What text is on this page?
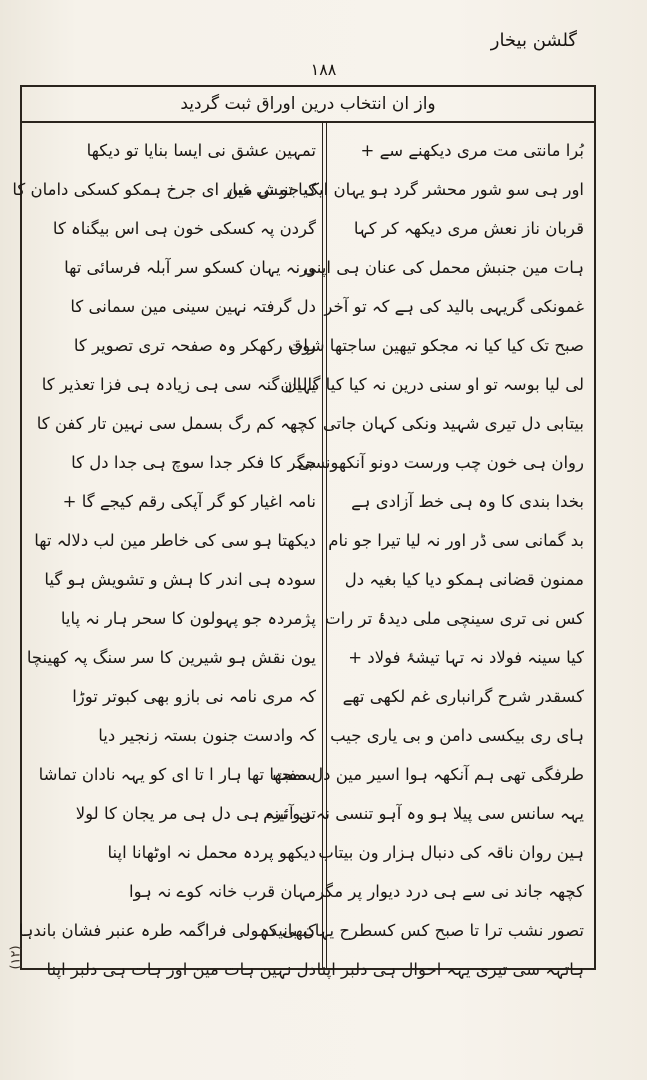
گلشن بیخار
۱۸۸
واز ان انتخاب درین اوراق ثبت گردید
بُرا مانتی مت مری دیکھنے سے +
اور ہی سو شور محشر گرد ہو یہان ایک جنبش مین
قربان ناز نعش مری دیکھہ کر کہا
ہات مین جنبش محمل کی عنان ہی اپنی
غمونکی گریہی بالید کی ہے کہ تو آخر
صبح تک کیا کیا نہ مجکو تیھین ساجتھا شوق
لی لیا بوسہ تو او سنی درین نہ کیا کیا گالیان
بیتابی دل تیری شہید ونکی کہان جاتی
روان ہی خون چب ورست دونو آنکھونسی
بخدا بندی کا وہ ہی خط آزادی ہے
بد گمانی سی ڈر اور نہ لیا تیرا جو نام
ممنون قضانی ہمکو دیا کیا بغیہ دل
کس نی تری سینچی ملی دیدۂ تر رات
کیا سینہ فولاد نہ تہا تیشۂ فولاد +
کسقدر شرح گرانباری غم لکھی تھے
ہای ری بیکسی دامن و بی یاری جیب
طرفگی تھی ہم آنکھہ ہوا اسیر مین دل مفت
یہہ سانس سی پیلا ہو وہ آہو تنسی نہ ہو نرم
ہین روان ناقہ کی دنبال ہزار ون بیتاب
کچھہ جاند نی سے ہی درد دیوار پر مگر
تصور نشب ترا تا صبح کس کسطرح یہان بانیدہ
ہاتہہ سی تیری یہہ احوال ہی دلبر اپنا
تمہین عشق نی ایسا بنایا تو دیکھا
کیا تو نی غبار ای جرخ ہمکو کسکی دامان کا
گردن پہ کسکی خون ہی اس بیگناہ کا
ورنہ یہان کسکو سر آبلہ فرسائی تھا
دل گرفتہ نہین سینی مین سمانی کا
رات رکھکر وہ صفحہ تری تصویر کا
یہان گنہ سی ہی زیادہ ہی فزا تعذیر کا
کچھہ کم رگ بسمل سی نہین تار کفن کا
جگر کا فکر جدا سوچ ہی جدا دل کا
نامہ اغیار کو گر آپکی رقم کیجے گا +
دیکھتا ہو سی کی خاطر مین لب دلالہ تھا
سودہ ہی اندر کا ہش و تشویش ہو گیا
پژمردہ جو پہولون کا سحر ہار نہ پایا
یون نقش ہو شیرین کا سر سنگ پہ کھینچا
کہ مری نامہ نی بازو بھی کبوتر توڑا
کہ وادست جنون بستہ زنجیر دیا
سمجھا تھا ہار ا تا ای کو یہہ نادان تماشا
تن آئینہ ہی دل ہی مر یجان کا لولا
دیکھو پردہ محمل نہ اوٹھانا اپنا
مہان قرب خانہ کوے نہ ہوا
کبھی کہولی فراگمہ طرہ عنبر فشان باندہا
دل نہین ہات مین اور ہات ہی دلبر اپنا
(۱۲)
